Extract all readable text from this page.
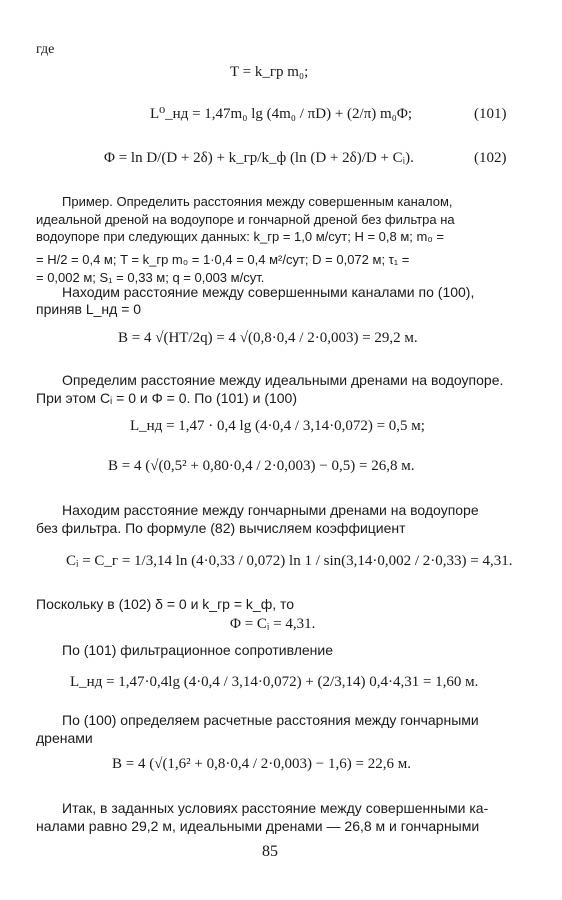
где
T = k_гр m₀;
L⁰_нд = 1,47m₀ lg (4m₀ / πD) + (2/π) m₀Φ;	(101)
Φ = ln D/(D + 2δ) + k_гр/k_ф (ln (D + 2δ)/D + Cᵢ).	(102)
Пример. Определить расстояния между совершенным каналом,
идеальной дреной на водоупоре и гончарной дреной без фильтра на
водоупоре при следующих данных: k_гр = 1,0 м/сут; H = 0,8 м; m₀ =
= H/2 = 0,4 м; T = k_гр m₀ = 1·0,4 = 0,4 м²/сут; D = 0,072 м; τ₁ =
= 0,002 м; S₁ = 0,33 м; q = 0,003 м/сут.
Находим расстояние между совершенными каналами по (100),
приняв L_нд = 0
B = 4 √(HT/2q) = 4 √(0,8·0,4 / 2·0,003) = 29,2 м.
Определим расстояние между идеальными дренами на водоупоре.
При этом Cᵢ = 0 и Φ = 0. По (101) и (100)
L_нд = 1,47 · 0,4 lg (4·0,4 / 3,14·0,072) = 0,5 м;
B = 4 (√(0,5² + 0,80·0,4 / 2·0,003) − 0,5) = 26,8 м.
Находим расстояние между гончарными дренами на водоупоре
без фильтра. По формуле (82) вычисляем коэффициент
Cᵢ = C_г = 1/3,14 ln (4·0,33 / 0,072) ln 1 / sin(3,14·0,002 / 2·0,33) = 4,31.
Поскольку в (102) δ = 0 и k_гр = k_ф, то
Φ = Cᵢ = 4,31.
По (101) фильтрационное сопротивление
L_нд = 1,47·0,4lg (4·0,4 / 3,14·0,072) + (2/3,14) 0,4·4,31 = 1,60 м.
По (100) определяем расчетные расстояния между гончарными
дренами
B = 4 (√(1,6² + 0,8·0,4 / 2·0,003) − 1,6) = 22,6 м.
Итак, в заданных условиях расстояние между совершенными ка-
налами равно 29,2 м, идеальными дренами — 26,8 м и гончарными
85
